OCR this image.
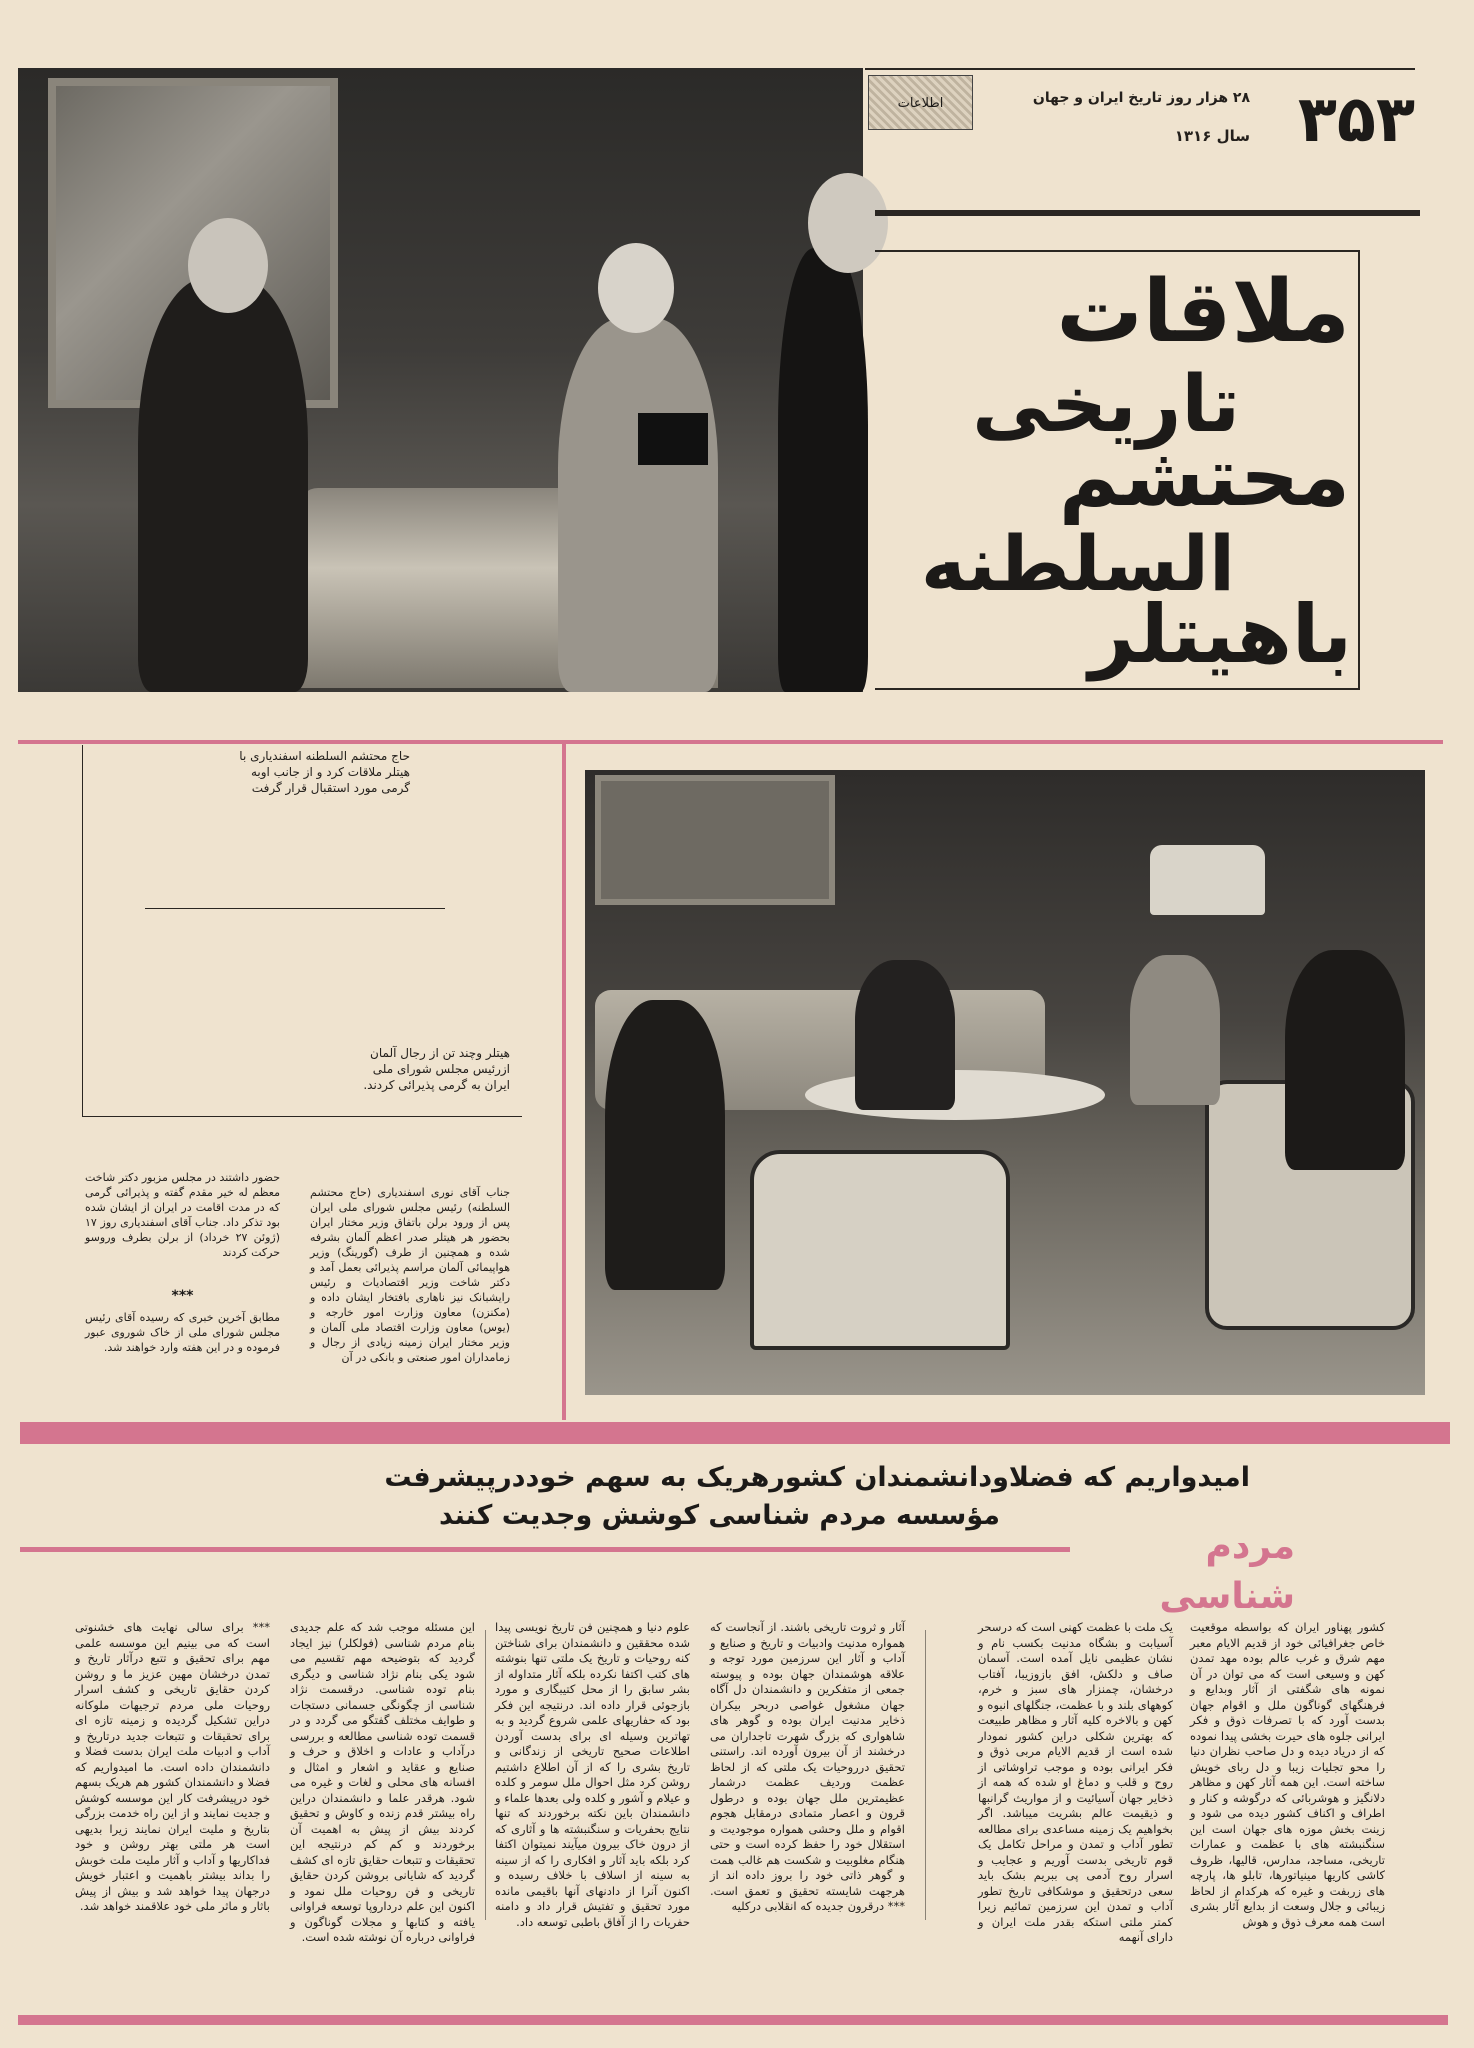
۳۵۳
اطلاعات	۲۸ هزار روز تاریخ ایران و جهان
سال ۱۳۱۶
ملاقات
تاریخی
محتشم
السلطنه
باهیتلر
حاج محتشم السلطنه اسفندیاری با هیتلر ملاقات کرد و از جانب اوبه گرمی مورد استقبال قرار گرفت
هیتلر وچند تن از رجال آلمان ازرئیس مجلس شورای ملی ایران به گرمی پذیرائی کردند.
جناب آقای نوری اسفندیاری (حاج محتشم السلطنه) رئیس مجلس شورای ملی ایران پس از ورود برلن باتفاق وزیر مختار ایران بحضور هر هیتلر صدر اعظم آلمان بشرفه شده و همچنین از طرف (گورینگ) وزیر هواپیمائی آلمان مراسم پذیرائی بعمل آمد و دکتر شاخت وزیر اقتصادیات و رئیس رایشبانک نیز ناهاری بافتخار ایشان داده و (مکنزن) معاون وزارت امور خارجه و (یوس) معاون وزارت اقتصاد ملی آلمان و وزیر مختار ایران زمینه زیادی از رجال و زمامداران امور صنعتی و بانکی در آن
حضور داشتند در مجلس مزبور دکتر شاخت معظم له خیر مقدم گفته و پذیرائی گرمی که در مدت اقامت در ایران از ایشان شده بود تذکر داد. جناب آقای اسفندیاری روز ۱۷ (ژوئن ۲۷ خرداد) از برلن بطرف وروسو حرکت کردند
***
مطابق آخرین خبری که رسیده آقای رئیس مجلس شورای ملی از خاک شوروی عبور فرموده و در این هفته وارد خواهند شد.
امیدواریم که فضلاودانشمندان کشورهریک به سهم خوددرپیشرفت
مؤسسه مردم شناسی کوشش وجدیت کنند
مردم شناسی
کشور پهناور ایران که بواسطه موقعیت خاص جغرافیائی خود از قدیم الایام معبر مهم شرق و غرب عالم بوده مهد تمدن کهن و وسیعی است که می توان در آن نمونه های شگفتی از آثار وبدایع و فرهنگهای گوناگون ملل و اقوام جهان بدست آورد که با تصرفات ذوق و فکر ایرانی جلوه های حیرت بخشی پیدا نموده که از دریاد دیده و دل صاحب نظران دنیا را محو تجلیات زیبا و دل ربای خویش ساخته است. این همه آثار کهن و مظاهر دلانگیز و هوشربائی که درگوشه و کنار و اطراف و اکناف کشور دیده می شود و زینت بخش موزه های جهان است این سنگنبشته های با عظمت و عمارات تاریخی، مساجد، مدارس، قالیها، ظروف کاشی کاریها مینیاتورها، تابلو ها، پارچه های زربفت و غیره که هرکدام از لحاظ زیبائی و جلال وسعت از بدایع آثار بشری است همه معرف ذوق و هوش
یک ملت با عظمت کهنی است که درسحر آسیابت و بشگاه مدنیت بکسب نام و نشان عظیمی نایل آمده است. آسمان صاف و دلکش، افق بازوزیبا، آفتاب درخشان، چمنزار های سبز و خرم، کوههای بلند و با عظمت، جنگلهای انبوه و کهن و بالاخره کلیه آثار و مظاهر طبیعت که بهترین شکلی دراین کشور نمودار شده است از قدیم الایام مربی ذوق و فکر ایرانی بوده و موجب تراوشاتی از روح و قلب و دماغ او شده که همه از ذخایر جهان آسیائیت و از مواریث گرانبها و ذیقیمت عالم بشریت میباشد. اگر بخواهیم یک زمینه مساعدی برای مطالعه تطور آداب و تمدن و مراحل تکامل یک قوم تاریخی بدست آوریم و عجایب و اسرار روح آدمی پی ببریم بشک باید سعی درتحقیق و موشکافی تاریخ تطور آداب و تمدن این سرزمین تمائیم زیرا کمتر ملتی استکه بقدر ملت ایران و دارای آنهمه
آثار و ثروت تاریخی باشند. از آنجاست که همواره مدنیت وادبیات و تاریخ و صنایع و آداب و آثار این سرزمین مورد توجه و علاقه هوشمندان جهان بوده و پیوسته جمعی از متفکرین و دانشمندان دل آگاه جهان مشغول غواصی دربحر بیکران ذخایر مدنیت ایران بوده و گوهر های شاهواری که بزرگ شهرت تاجداران می درخشند از آن بیرون آورده اند. راستنی تحقیق درروحیات یک ملتی که از لحاظ عظمت ورديف عظمت درشمار عظیمترین ملل جهان بوده و درطول قرون و اعصار متمادی درمقابل هجوم اقوام و ملل وحشی همواره موجودیت و استقلال خود را حفظ کرده است و حتی هنگام مغلوبیت و شکست هم غالب همت و گوهر ذاتی خود را بروز داده اند از هرجهت شایسته تحقیق و تعمق است. *** درقرون جدیده که انقلابی درکلیه
علوم دنیا و همچنین فن تاریخ نویسی پیدا شده محققین و دانشمندان برای شناختن کنه روحیات و تاریخ یک ملتی تنها بنوشته های کتب اکتفا نکرده بلکه آثار متداوله از بشر سابق را از محل کتیبگاری و مورد بازجوئی قرار داده اند. درنتیجه این فکر بود که حفاریهای علمی شروع گردید و به تهاترین وسیله ای برای بدست آوردن اطلاعات صحیح تاریخی از زندگانی و تاریخ بشری را که از آن اطلاع داشتیم روشن کرد مثل احوال ملل سومر و کلده و عیلام و آشور و کلده ولی بعدها علماء و دانشمندان باین نکته برخوردند که تنها نتایج بحفریات و سنگنبشته ها و آثاری که از درون خاک بیرون میآیند نمیتوان اکتفا کرد بلکه باید آثار و افکاری را که از سینه به سینه از اسلاف با خلاف رسیده و اکنون آنرا از دادنهای آنها باقیمی مانده مورد تحقیق و تفتیش قرار داد و دامنه حفریات را از آفاق باطبی توسعه داد.
این مسئله موجب شد که علم جدیدی بنام مردم شناسی (فولکلر) نیز ایجاد گردید که بتوضیحه مهم تقسیم می شود یکی بنام نژاد شناسی و دیگری بنام توده شناسی. درقسمت نژاد شناسی از چگونگی جسمانی دستجات و طوایف مختلف گفتگو می گردد و در قسمت توده شناسی مطالعه و بررسی درآداب و عادات و اخلاق و حرف و صنایع و عقاید و اشعار و امثال و افسانه های محلی و لغات و غیره می شود. هرقدر علما و دانشمندان دراین راه بیشتر قدم زنده و کاوش و تحقیق کردند بیش از پیش به اهمیت آن برخوردند و کم کم درنتیجه این تحقیقات و تتبعات حقایق تازه ای کشف گردید که شایانی بروشن کردن حقایق تاریخی و فن روحیات ملل نمود و اکنون این علم درداروپا توسعه فراوانی یافته و کتابها و مجلات گوناگون و فراوانی درباره آن نوشته شده است.
*** برای سالی نهایت های خشنوتی است که می بینیم این موسسه علمی مهم برای تحقیق و تتبع درآثار تاریخ و تمدن درخشان مهین عزیز ما و روشن کردن حقایق تاریخی و کشف اسرار روحیات ملی مردم ترجیهات ملوکانه دراین تشکیل گردیده و زمینه تازه ای برای تحقیقات و تتبعات جدید درتاریخ و آداب و ادبیات ملت ایران بدست فضلا و دانشمندان داده است. ما امیدواریم که فضلا و دانشمندان کشور هم هریک بسهم خود درپیشرفت کار این موسسه کوشش و جدیت نمایند و از این راه خدمت بزرگی بتاریخ و ملیت ایران نمایند زیرا بدیهی است هر ملتی بهتر روشن و خود فداکاریها و آداب و آثار ملیت ملت خوبش را بداند بیشتر باهمیت و اعتبار خویش درجهان پیدا خواهد شد و بیش از پیش باثار و ماثر ملی خود علاقمند خواهد شد.
